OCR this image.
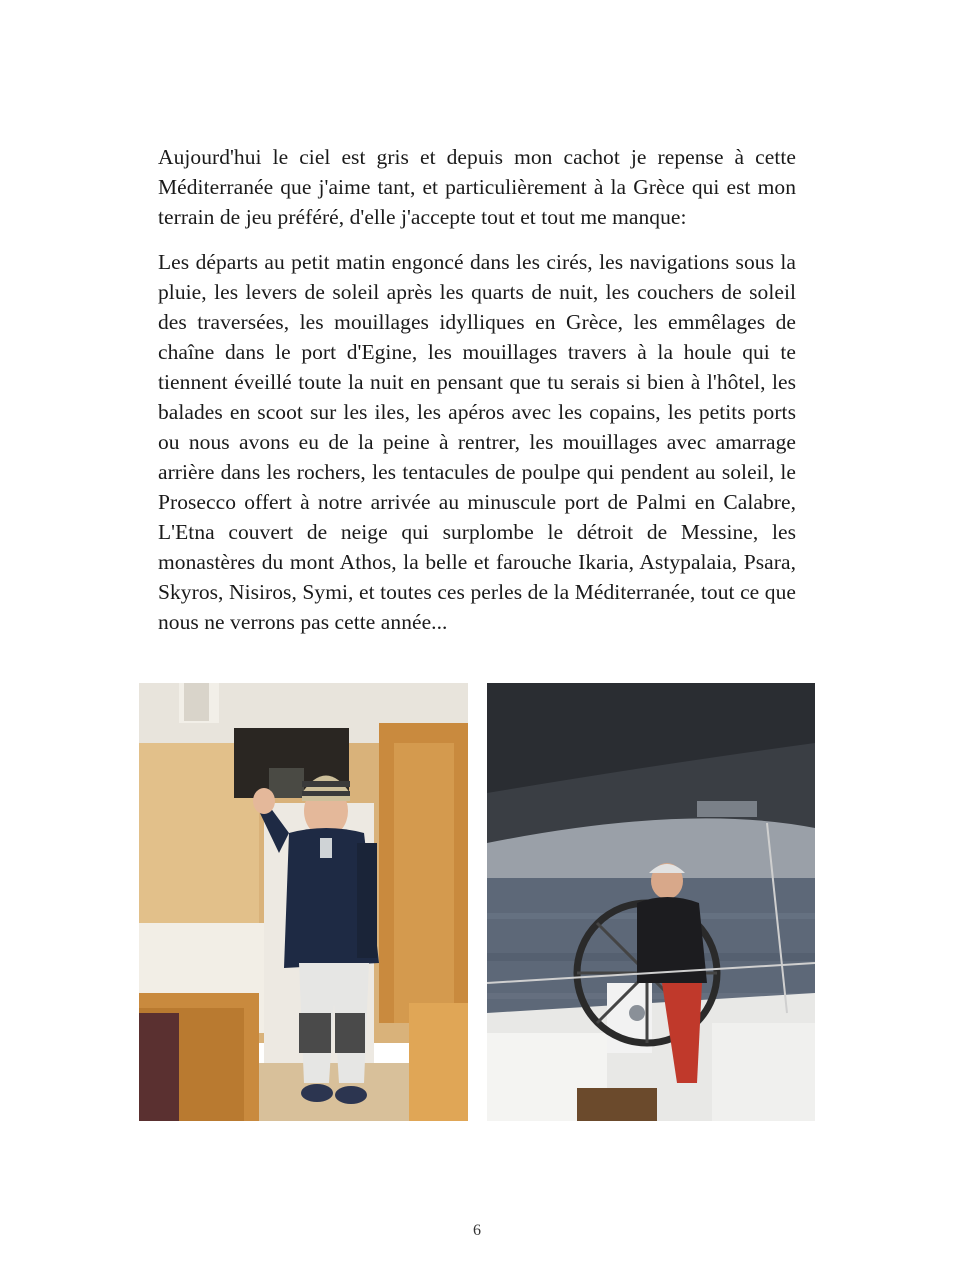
Aujourd'hui le ciel est gris et depuis mon cachot je repense à cette Méditerranée que j'aime tant, et particulièrement à la Grèce qui est mon terrain de jeu préféré, d'elle j'accepte tout et tout me manque:

Les départs au petit matin engoncé dans les cirés, les navigations sous la pluie, les levers de soleil après les quarts de nuit, les couchers de soleil des traversées, les mouillages idylliques en Grèce, les emmêlages de chaîne dans le port d'Egine, les mouillages travers à la houle qui te tiennent éveillé toute la nuit en pensant que tu serais si bien à l'hôtel, les balades en scoot sur les iles, les apéros avec les copains, les petits ports ou nous avons eu de la peine à rentrer, les mouillages avec amarrage arrière dans les rochers, les tentacules de poulpe qui pendent au soleil, le Prosecco offert à notre arrivée au minuscule port de Palmi en Calabre, L'Etna couvert de neige qui surplombe le détroit de Messine, les monastères du mont Athos, la belle et farouche Ikaria, Astypalaia, Psara, Skyros, Nisiros, Symi, et toutes ces perles de la Méditerranée, tout ce que nous ne verrons pas cette année...

6
